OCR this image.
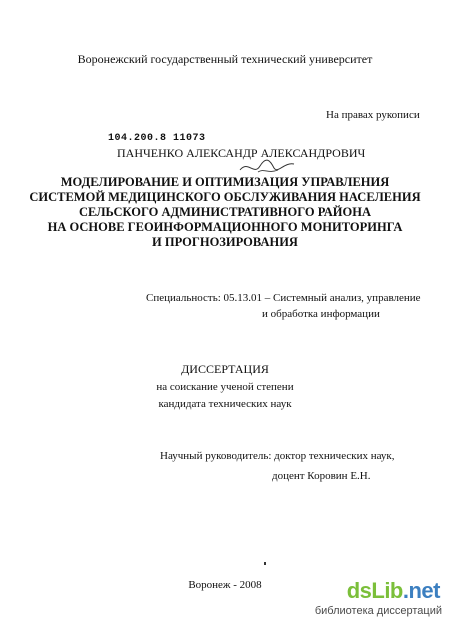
Воронежский государственный технический университет
На правах рукописи
104.200.8 11073
ПАНЧЕНКО АЛЕКСАНДР АЛЕКСАНДРОВИЧ
МОДЕЛИРОВАНИЕ И ОПТИМИЗАЦИЯ УПРАВЛЕНИЯ
СИСТЕМОЙ МЕДИЦИНСКОГО ОБСЛУЖИВАНИЯ НАСЕЛЕНИЯ
СЕЛЬСКОГО АДМИНИСТРАТИВНОГО РАЙОНА
НА ОСНОВЕ ГЕОИНФОРМАЦИОННОГО МОНИТОРИНГА
И ПРОГНОЗИРОВАНИЯ
Специальность: 05.13.01 – Системный анализ, управление
и обработка информации
ДИССЕРТАЦИЯ
на соискание ученой степени
кандидата технических наук
Научный руководитель: доктор технических наук,
доцент Коровин Е.Н.
Воронеж - 2008	dsLib.net
библиотека диссертаций
